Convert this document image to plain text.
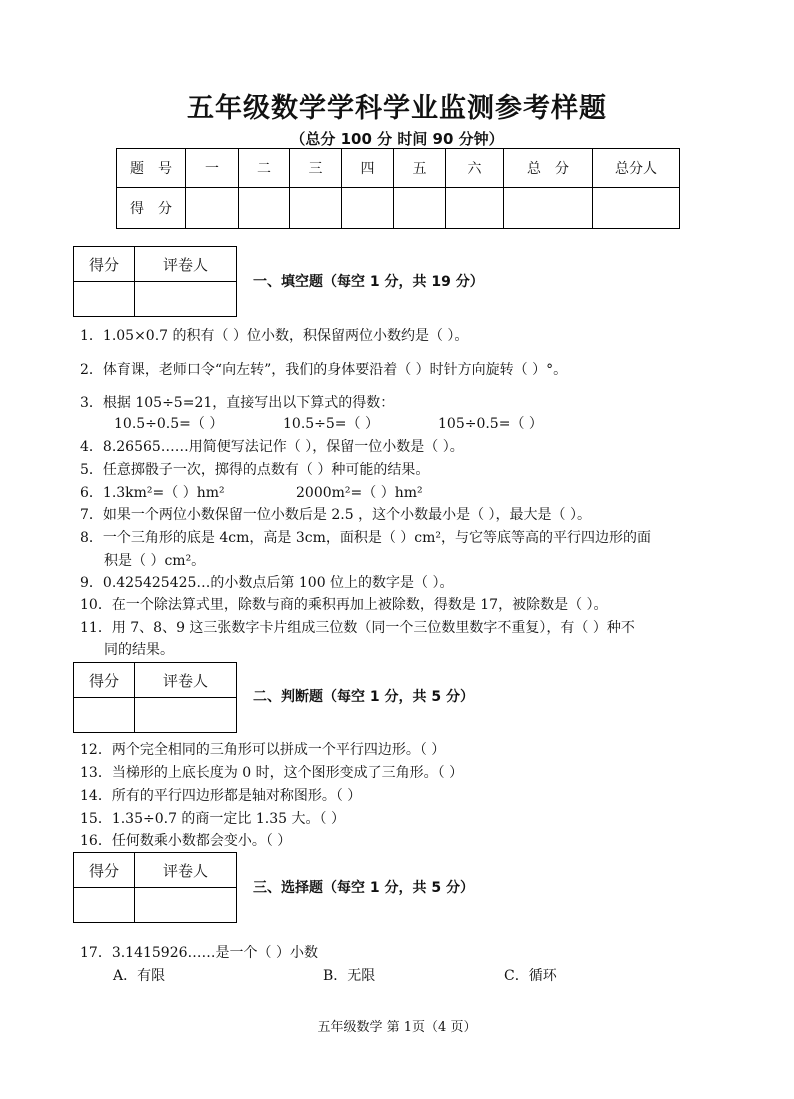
五年级数学学科学业监测参考样题
（总分 100 分 时间 90 分钟）
题　号	一	二	三	四	五	六	总　分	总分人
得　分								
得分	评卷人

一、填空题（每空 1 分，共 19 分）
1．1.05×0.7 的积有（ ）位小数，积保留两位小数约是（ ）。
2．体育课，老师口令“向左转”，我们的身体要沿着（ ）时针方向旋转（ ）°。
3．根据 105÷5=21，直接写出以下算式的得数：
10.5÷0.5=（ ）	10.5÷5=（ ）	105÷0.5=（ ）
4．8.26565……用简便写法记作（ ），保留一位小数是（ ）。
5．任意掷骰子一次，掷得的点数有（ ）种可能的结果。
6．1.3km²=（ ）hm²	2000m²=（ ）hm²
7．如果一个两位小数保留一位小数后是 2.5 ，这个小数最小是（ ），最大是（ ）。
8．一个三角形的底是 4cm，高是 3cm，面积是（ ）cm²，与它等底等高的平行四边形的面
积是（ ）cm²。
9．0.425425425…的小数点后第 100 位上的数字是（ ）。
10．在一个除法算式里，除数与商的乘积再加上被除数，得数是 17，被除数是（ ）。
11．用 7、8、9 这三张数字卡片组成三位数（同一个三位数里数字不重复），有（ ）种不
同的结果。
得分	评卷人

二、判断题（每空 1 分，共 5 分）
12．两个完全相同的三角形可以拼成一个平行四边形。（ ）
13．当梯形的上底长度为 0 时，这个图形变成了三角形。（ ）
14．所有的平行四边形都是轴对称图形。（ ）
15．1.35÷0.7 的商一定比 1.35 大。（ ）
16．任何数乘小数都会变小。（ ）
得分	评卷人

三、选择题（每空 1 分，共 5 分）
17．3.1415926……是一个（ ）小数
A．有限	B．无限	C．循环
五年级数学 第 1页（4 页）
